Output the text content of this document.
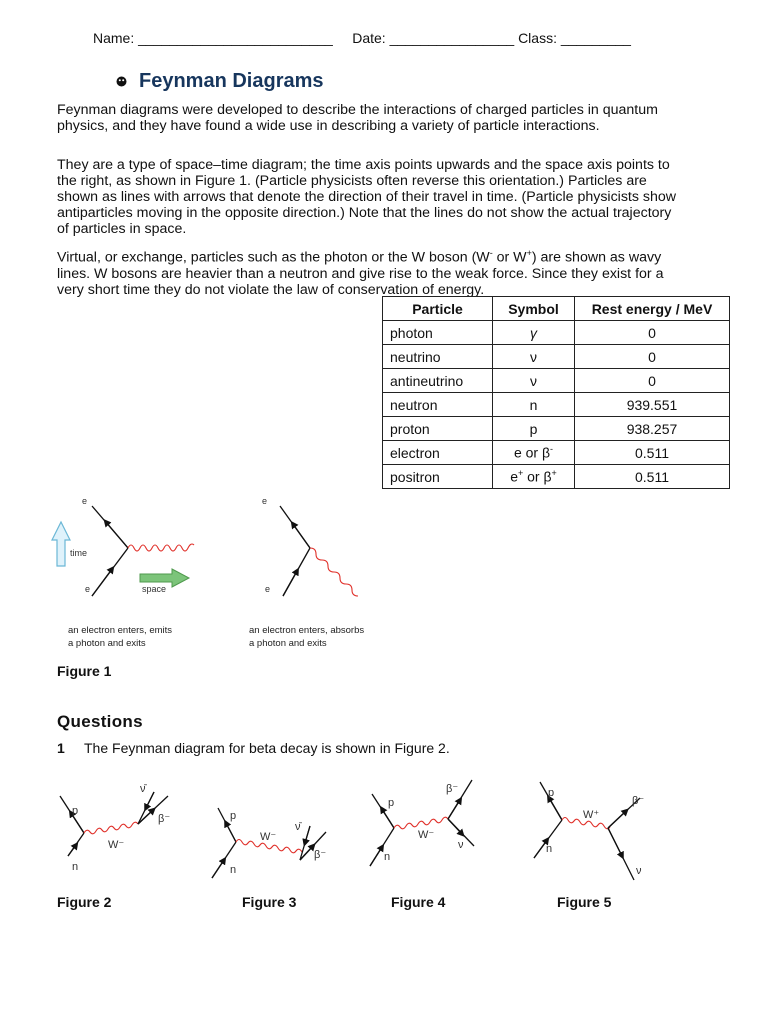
Name: _________________________ Date: ________________ Class: _________
Feynman Diagrams

Feynman diagrams were developed to describe the interactions of charged particles in quantum physics, and they have found a wide use in describing a variety of particle interactions.

They are a type of space–time diagram; the time axis points upwards and the space axis points to the right, as shown in Figure 1. (Particle physicists often reverse this orientation.) Particles are shown as lines with arrows that denote the direction of their travel in time. (Particle physicists show antiparticles moving in the opposite direction.) Note that the lines do not show the actual trajectory of particles in space.

Virtual, or exchange, particles such as the photon or the W boson (W- or W+) are shown as wavy lines. W bosons are heavier than a neutron and give rise to the weak force. Since they exist for a very short time they do not violate the law of conservation of energy.

Particle	Symbol	Rest energy / MeV
photon	γ	0
neutrino	ν	0
antineutrino	ν	0
neutron	n	939.551
proton	p	938.257
electron	e or β-	0.511
positron	e+ or β+	0.511
time
space
e
e
e
e
an electron enters, emits
a photon and exits
an electron enters, absorbs
a photon and exits
Figure 1
Questions
1 The Feynman diagram for beta decay is shown in Figure 2.
p
n
W⁻
ν̄
β⁻
Figure 2
p
n
W⁻
ν̄
β⁻
Figure 3
p
n
W⁻
β⁻
ν
Figure 4
p
n
W⁺
β⁻
ν
Figure 5
